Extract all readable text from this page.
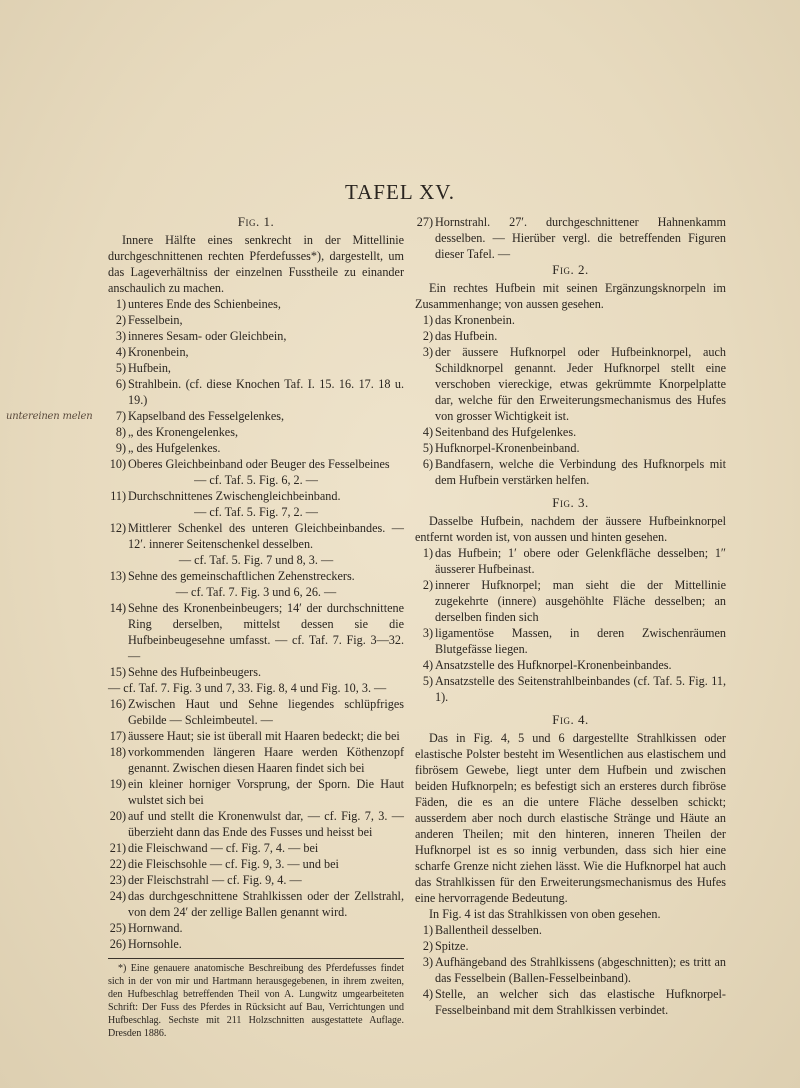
TAFEL XV.
untereinen melen
Fig. 1.

Innere Hälfte eines senkrecht in der Mittellinie durchgeschnittenen rechten Pferdefusses*), dargestellt, um das Lageverhältniss der einzelnen Fusstheile zu einander anschaulich zu machen.

1 ) unteres Ende des Schienbeines,

2 ) Fesselbein,

3 ) inneres Sesam- oder Gleichbein,

4 ) Kronenbein,

5 ) Hufbein,

6 ) Strahlbein. (cf. diese Knochen Taf. I. 15. 16. 17. 18 u. 19.)

7 ) Kapselband des Fesselgelenkes,

8 ) „ des Kronengelenkes,

9 ) „ des Hufgelenkes.

10 ) Oberes Gleichbeinband oder Beuger des Fesselbeines

— cf. Taf. 5. Fig. 6, 2. —

11 ) Durchschnittenes Zwischengleichbeinband.

— cf. Taf. 5. Fig. 7, 2. —

12 ) Mittlerer Schenkel des unteren Gleichbeinbandes. — 12′. innerer Seitenschenkel desselben.

— cf. Taf. 5. Fig. 7 und 8, 3. —

13 ) Sehne des gemeinschaftlichen Zehenstreckers.

— cf. Taf. 7. Fig. 3 und 6, 26. —

14 ) Sehne des Kronenbeinbeugers; 14′ der durchschnittene Ring derselben, mittelst dessen sie die Hufbeinbeugesehne umfasst. — cf. Taf. 7. Fig. 3—32. —

15 ) Sehne des Hufbeinbeugers.

— cf. Taf. 7. Fig. 3 und 7, 33. Fig. 8, 4 und Fig. 10, 3. —

16 ) Zwischen Haut und Sehne liegendes schlüpfriges Gebilde — Schleimbeutel. —

17 ) äussere Haut; sie ist überall mit Haaren bedeckt; die bei

18 ) vorkommenden längeren Haare werden Köthenzopf genannt. Zwischen diesen Haaren findet sich bei

19 ) ein kleiner horniger Vorsprung, der Sporn. Die Haut wulstet sich bei

20 ) auf und stellt die Kronenwulst dar, — cf. Fig. 7, 3. — überzieht dann das Ende des Fusses und heisst bei

21 ) die Fleischwand — cf. Fig. 7, 4. — bei

22 ) die Fleischsohle — cf. Fig. 9, 3. — und bei

23 ) der Fleischstrahl — cf. Fig. 9, 4. —

24 ) das durchgeschnittene Strahlkissen oder der Zellstrahl, von dem 24′ der zellige Ballen genannt wird.

25 ) Hornwand.

26 ) Hornsohle.

*) Eine genauere anatomische Beschreibung des Pferdefusses findet sich in der von mir und Hartmann herausgegebenen, in ihrem zweiten, den Hufbeschlag betreffenden Theil von A. Lungwitz umgearbeiteten Schrift: Der Fuss des Pferdes in Rücksicht auf Bau, Verrichtungen und Hufbeschlag. Sechste mit 211 Holzschnitten ausgestattete Auflage. Dresden 1886.

27 ) Hornstrahl. 27′. durchgeschnittener Hahnenkamm desselben. — Hierüber vergl. die betreffenden Figuren dieser Tafel. —

Fig. 2.

Ein rechtes Hufbein mit seinen Ergänzungsknorpeln im Zusammenhange; von aussen gesehen.

1 ) das Kronenbein.

2 ) das Hufbein.

3 ) der äussere Hufknorpel oder Hufbeinknorpel, auch Schildknorpel genannt. Jeder Hufknorpel stellt eine verschoben viereckige, etwas gekrümmte Knorpelplatte dar, welche für den Erweiterungsmechanismus des Hufes von grosser Wichtigkeit ist.

4 ) Seitenband des Hufgelenkes.

5 ) Hufknorpel-Kronenbeinband.

6 ) Bandfasern, welche die Verbindung des Hufknorpels mit dem Hufbein verstärken helfen.

Fig. 3.

Dasselbe Hufbein, nachdem der äussere Hufbeinknorpel entfernt worden ist, von aussen und hinten gesehen.

1 ) das Hufbein; 1′ obere oder Gelenkfläche desselben; 1″ äusserer Hufbeinast.

2 ) innerer Hufknorpel; man sieht die der Mittellinie zugekehrte (innere) ausgehöhlte Fläche desselben; an derselben finden sich

3 ) ligamentöse Massen, in deren Zwischenräumen Blutgefässe liegen.

4 ) Ansatzstelle des Hufknorpel-Kronenbeinbandes.

5 ) Ansatzstelle des Seitenstrahlbeinbandes (cf. Taf. 5. Fig. 11, 1).

Fig. 4.

Das in Fig. 4, 5 und 6 dargestellte Strahlkissen oder elastische Polster besteht im Wesentlichen aus elastischem und fibrösem Gewebe, liegt unter dem Hufbein und zwischen beiden Hufknorpeln; es befestigt sich an ersteres durch fibröse Fäden, die es an die untere Fläche desselben schickt; ausserdem aber noch durch elastische Stränge und Häute an anderen Theilen; mit den hinteren, inneren Theilen der Hufknorpel ist es so innig verbunden, dass sich hier eine scharfe Grenze nicht ziehen lässt. Wie die Hufknorpel hat auch das Strahlkissen für den Erweiterungsmechanismus des Hufes eine hervorragende Bedeutung.

In Fig. 4 ist das Strahlkissen von oben gesehen.

1 ) Ballentheil desselben.

2 ) Spitze.

3 ) Aufhängeband des Strahlkissens (abgeschnitten); es tritt an das Fesselbein (Ballen-Fesselbeinband).

4 ) Stelle, an welcher sich das elastische Hufknorpel-Fesselbeinband mit dem Strahlkissen verbindet.
